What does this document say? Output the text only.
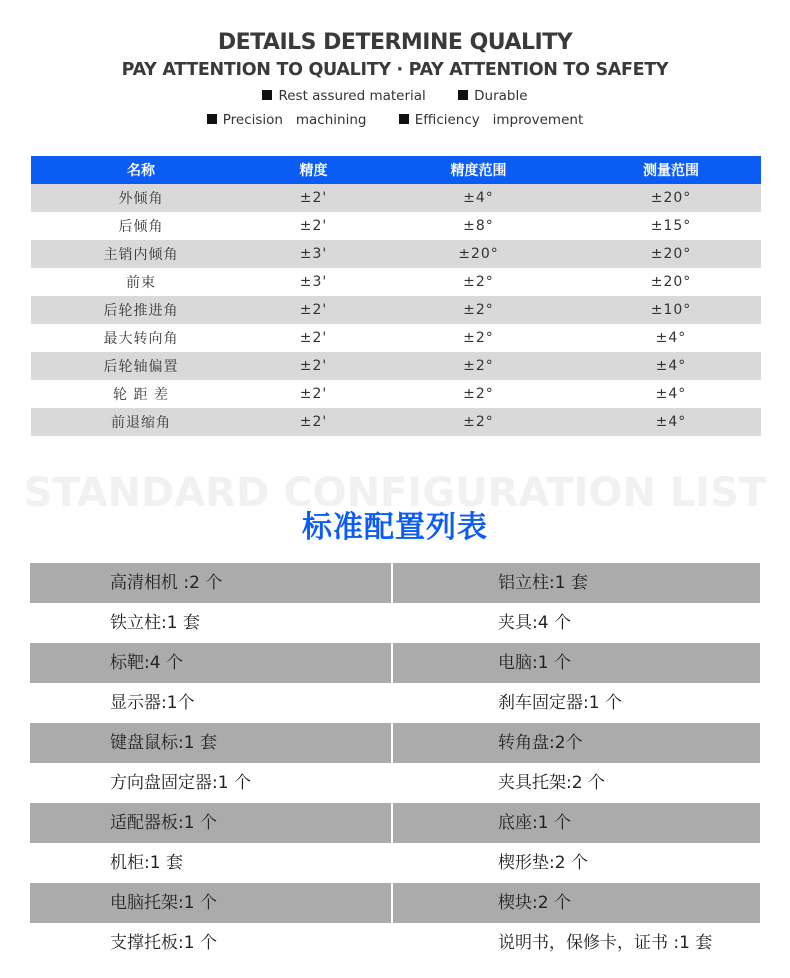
DETAILS DETERMINE QUALITY
PAY ATTENTION TO QUALITY · PAY ATTENTION TO SAFETY
Rest assured material	Durable
Precision   machining	Efficiency   improvement
名称	精度	精度范围	测量范围
外倾角	±2'	±4°	±20°
后倾角	±2'	±8°	±15°
主销内倾角	±3'	±20°	±20°
前束	±3'	±2°	±20°
后轮推进角	±2'	±2°	±10°
最大转向角	±2'	±2°	±4°
后轮轴偏置	±2'	±2°	±4°
轮 距 差	±2'	±2°	±4°
前退缩角	±2'	±2°	±4°
STANDARD CONFIGURATION LIST
标准配置列表
高清相机 :2 个	铝立柱:1 套
铁立柱:1 套	夹具:4 个
标靶:4 个	电脑:1 个
显示器:1个	刹车固定器:1 个
键盘鼠标:1 套	转角盘:2个
方向盘固定器:1 个	夹具托架:2 个
适配器板:1 个	底座:1 个
机柜:1 套	楔形垫:2 个
电脑托架:1 个	楔块:2 个
支撑托板:1 个	说明书，保修卡，证书 :1 套
